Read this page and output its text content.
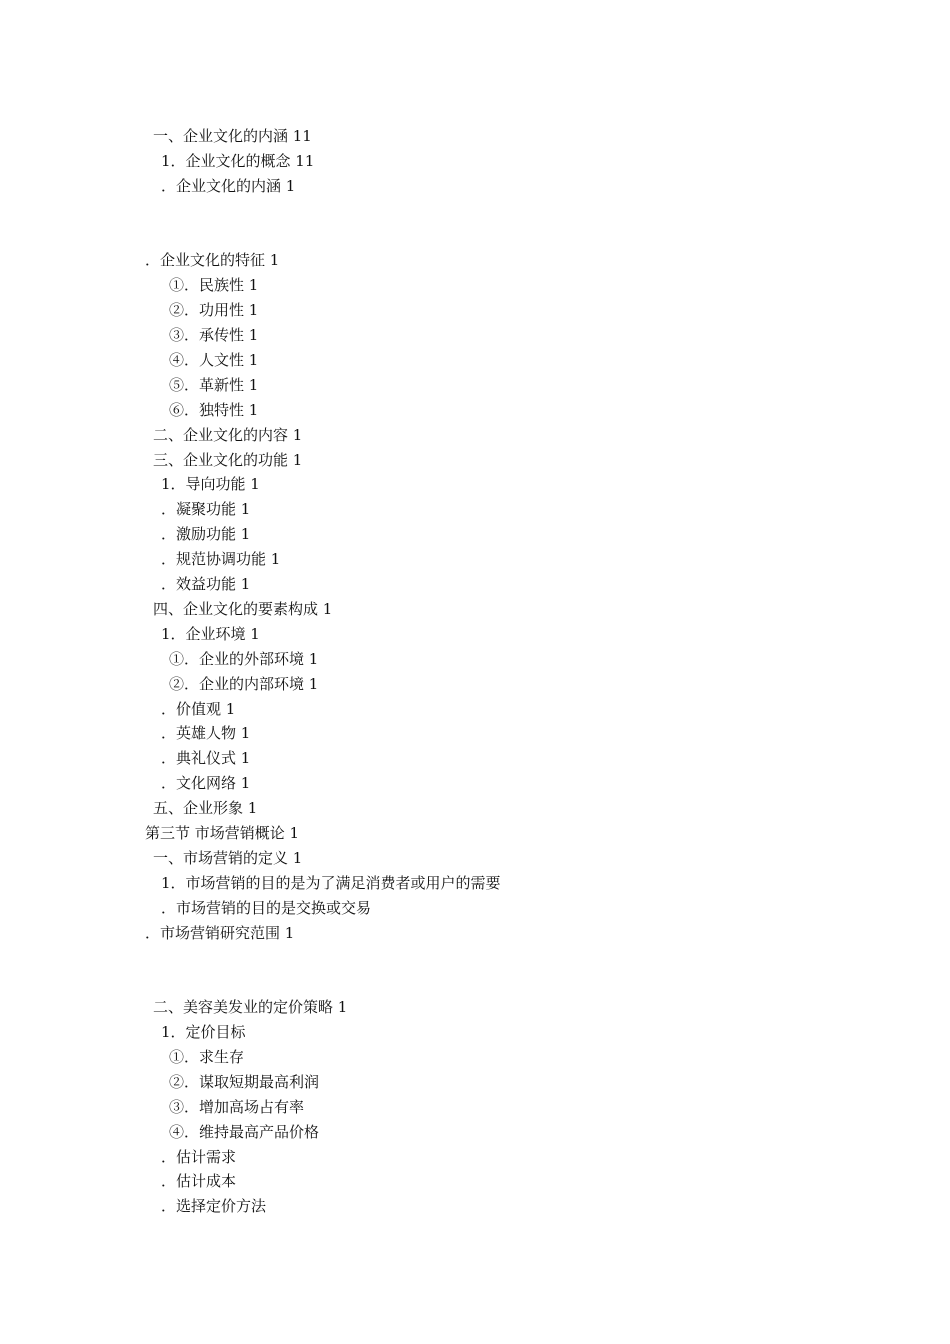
一、企业文化的内涵 11
1．企业文化的概念 11
．企业文化的内涵 1
．企业文化的特征 1
①．民族性 1
②．功用性 1
③．承传性 1
④．人文性 1
⑤．革新性 1
⑥．独特性 1
二、企业文化的内容 1
三、企业文化的功能 1
1．导向功能 1
．凝聚功能 1
．激励功能 1
．规范协调功能 1
．效益功能 1
四、企业文化的要素构成 1
1．企业环境 1
①．企业的外部环境 1
②．企业的内部环境 1
．价值观 1
．英雄人物 1
．典礼仪式 1
．文化网络 1
五、企业形象 1
第三节 市场营销概论 1
一、市场营销的定义 1
1．市场营销的目的是为了满足消费者或用户的需要
．市场营销的目的是交换或交易
．市场营销研究范围 1
二、美容美发业的定价策略 1
1．定价目标
①．求生存
②．谋取短期最高利润
③．增加高场占有率
④．维持最高产品价格
．估计需求
．估计成本
．选择定价方法
